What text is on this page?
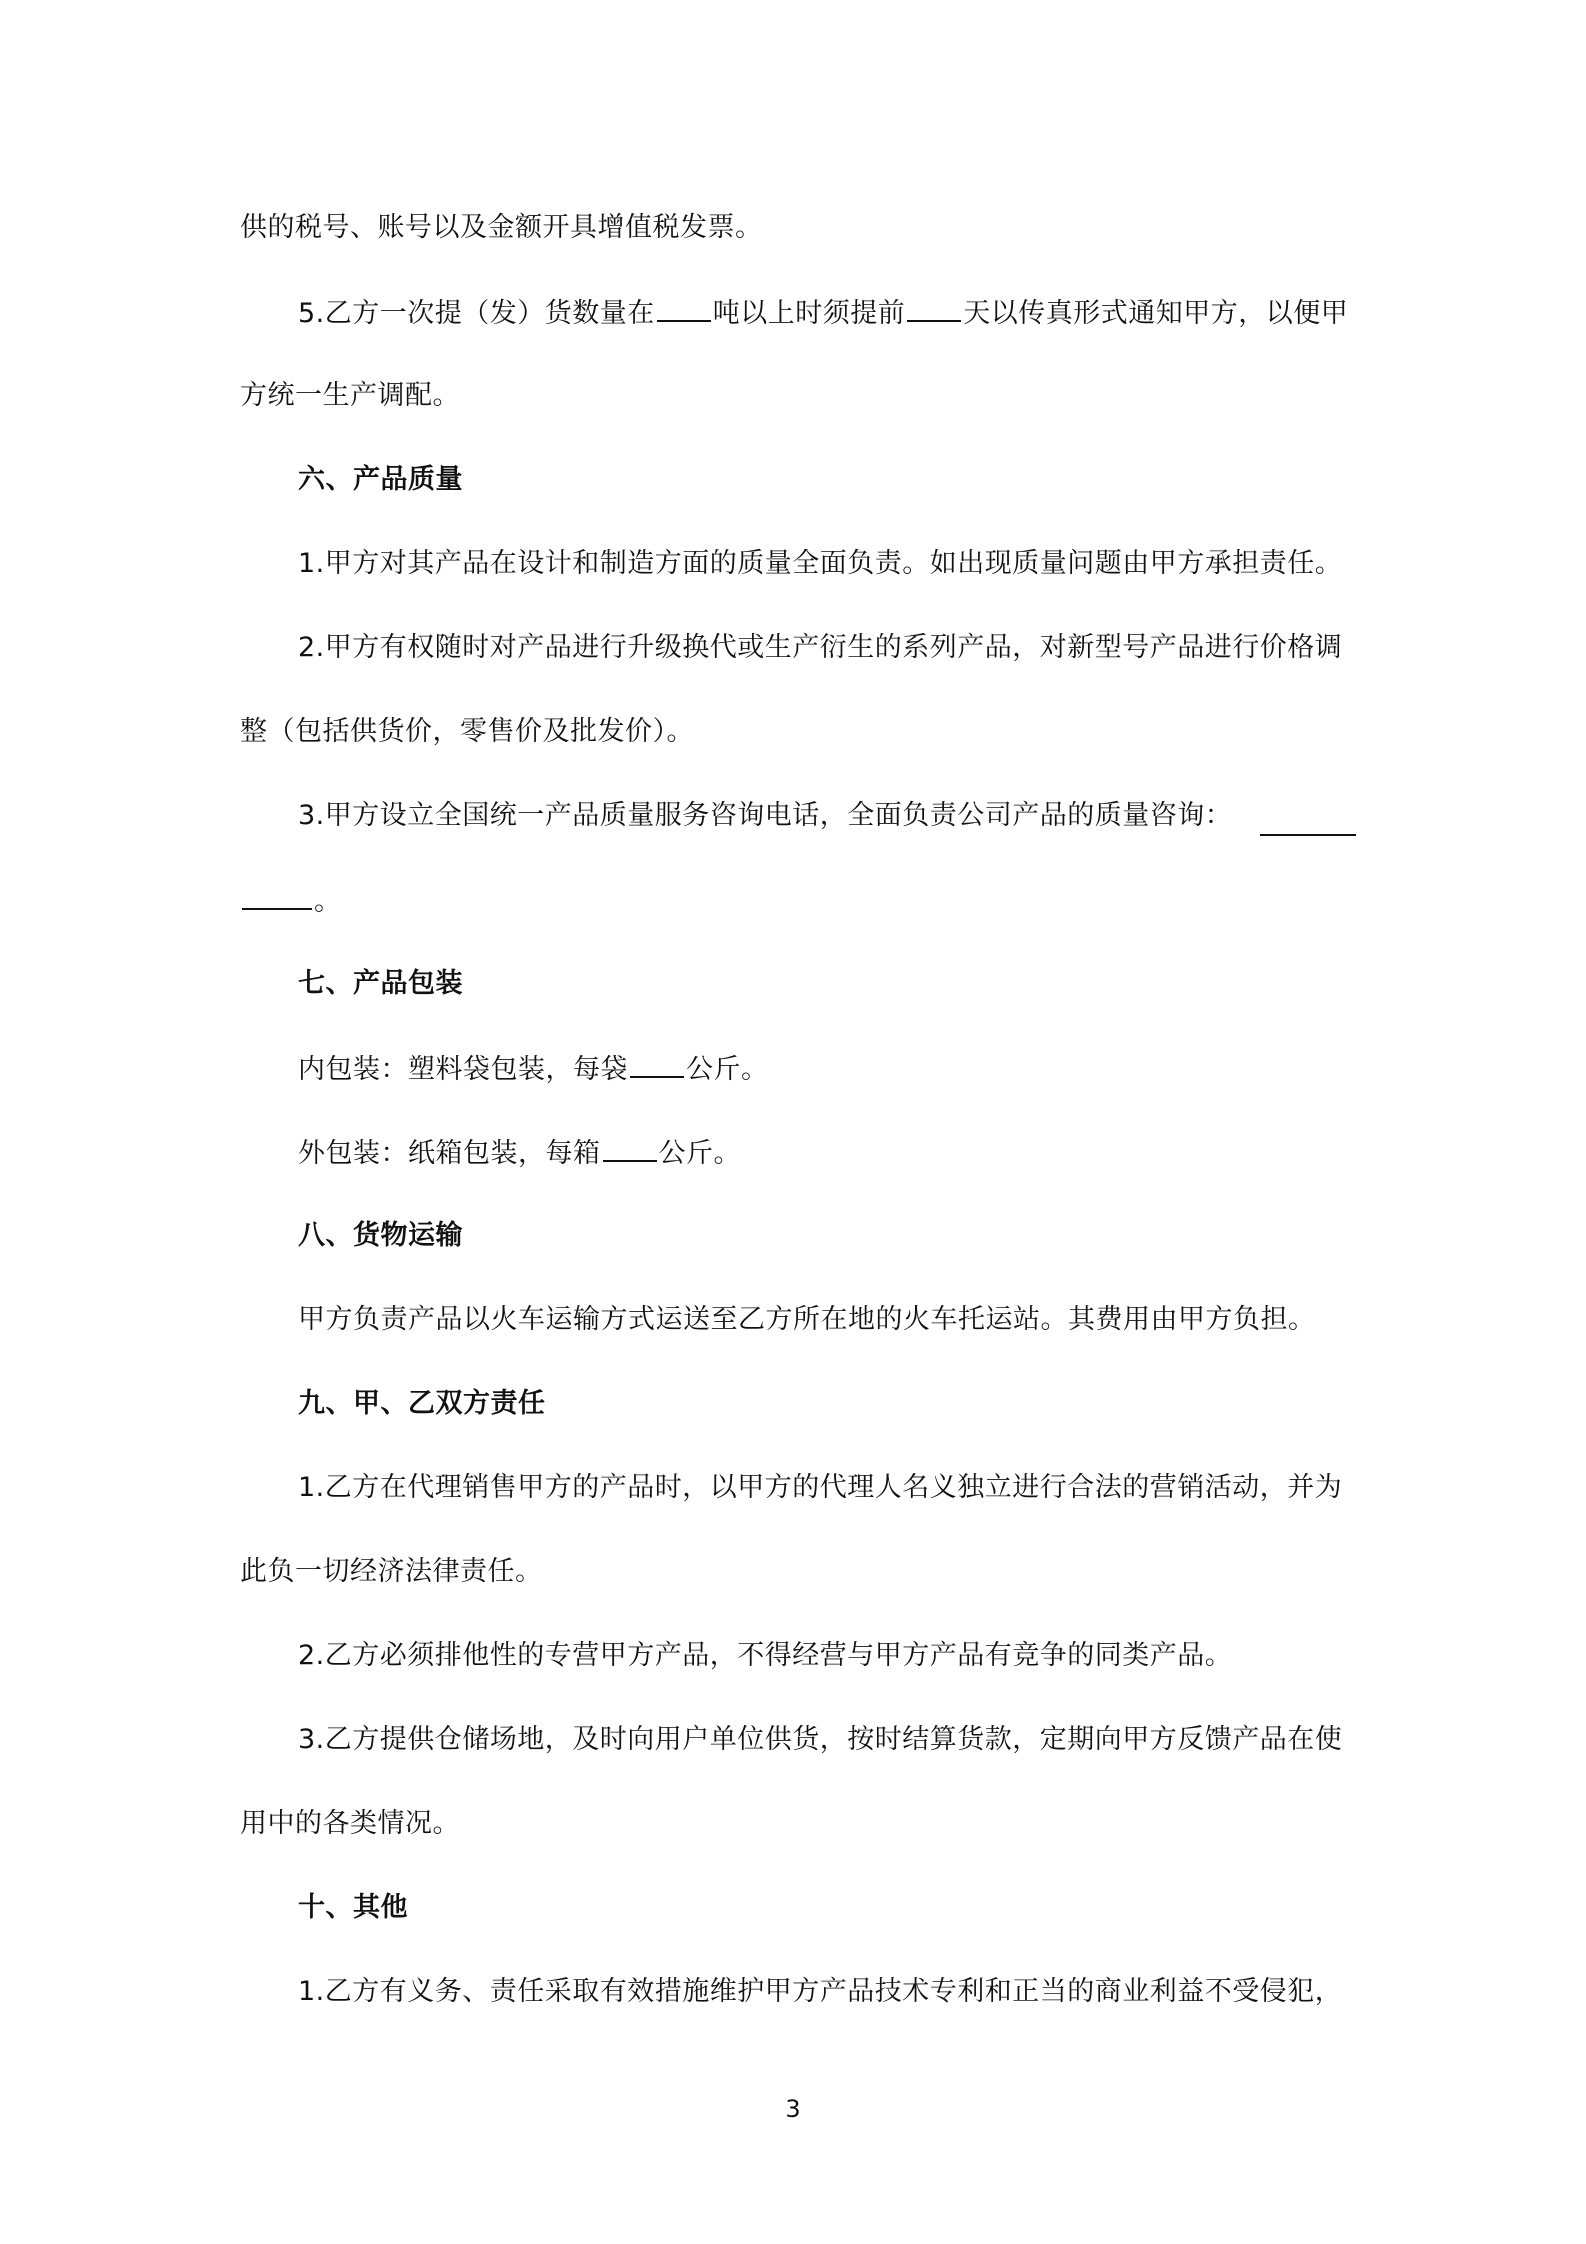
供的税号、账号以及金额开具增值税发票。
5.乙方一次提（发）货数量在 吨以上时须提前 天以传真形式通知甲方，以便甲
方统一生产调配。
六、产品质量
1.甲方对其产品在设计和制造方面的质量全面负责。如出现质量问题由甲方承担责任。
2.甲方有权随时对产品进行升级换代或生产衍生的系列产品，对新型号产品进行价格调
整（包括供货价，零售价及批发价）。
3.甲方设立全国统一产品质量服务咨询电话，全面负责公司产品的质量咨询：
。
七、产品包装
内包装：塑料袋包装，每袋 公斤。
外包装：纸箱包装，每箱 公斤。
八、货物运输
甲方负责产品以火车运输方式运送至乙方所在地的火车托运站。其费用由甲方负担。
九、甲、乙双方责任
1.乙方在代理销售甲方的产品时，以甲方的代理人名义独立进行合法的营销活动，并为
此负一切经济法律责任。
2.乙方必须排他性的专营甲方产品，不得经营与甲方产品有竞争的同类产品。
3.乙方提供仓储场地，及时向用户单位供货，按时结算货款，定期向甲方反馈产品在使
用中的各类情况。
十、其他
1.乙方有义务、责任采取有效措施维护甲方产品技术专利和正当的商业利益不受侵犯，
3
